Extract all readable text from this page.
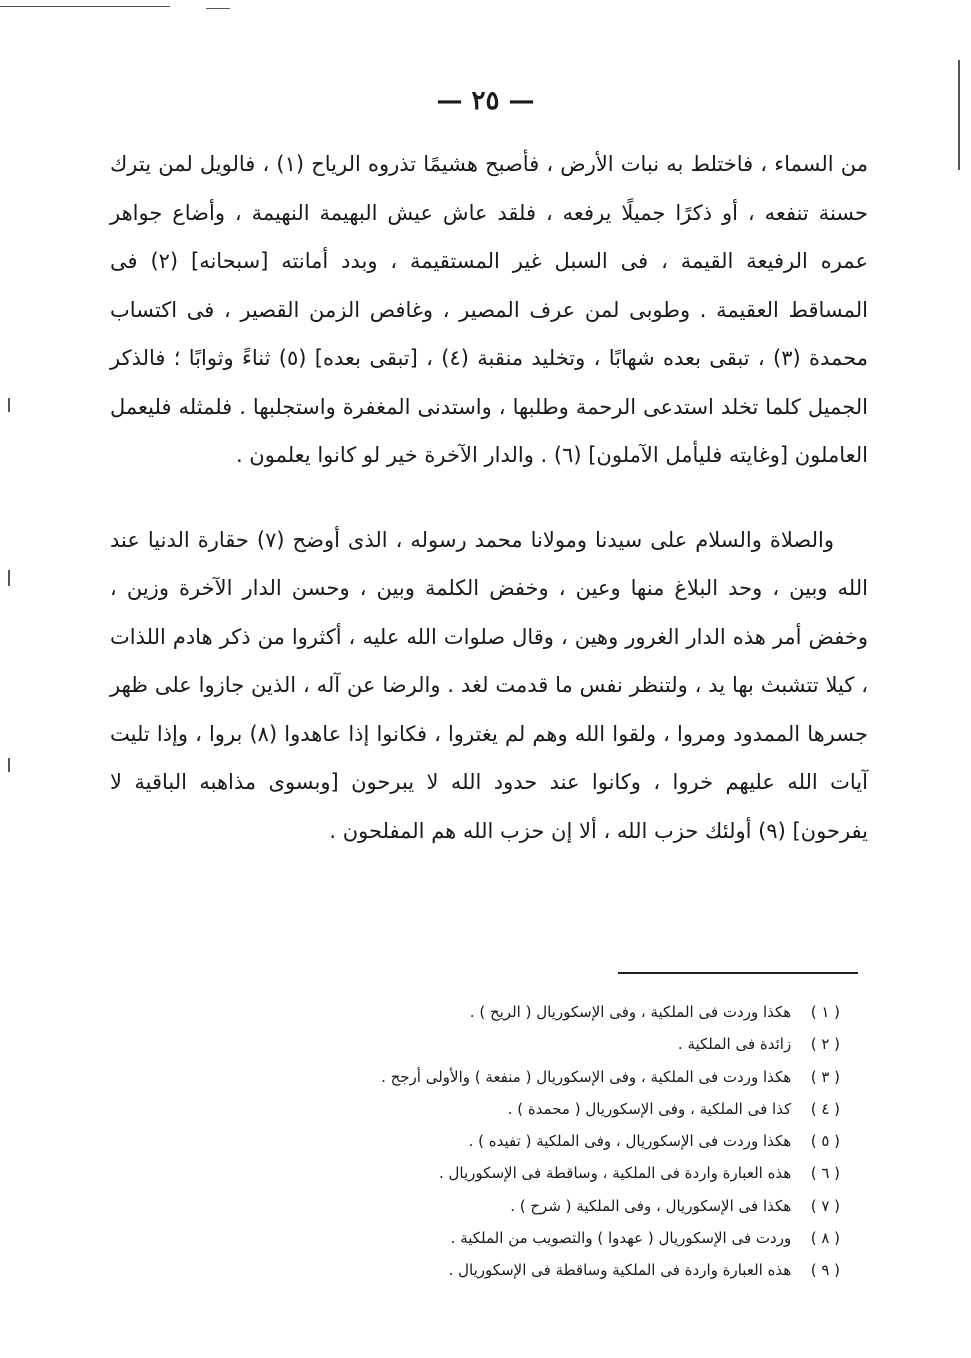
— ٢٥ —

من السماء ، فاختلط به نبات الأرض ، فأصبح هشيمًا تذروه الرياح (١) ، فالويل لمن يترك حسنة تنفعه ، أو ذكرًا جميلًا يرفعه ، فلقد عاش عيش البهيمة النهيمة ، وأضاع جواهر عمره الرفيعة القيمة ، فى السبل غير المستقيمة ، وبدد أمانته [سبحانه] (٢) فى المساقط العقيمة . وطوبى لمن عرف المصير ، وغافص الزمن القصير ، فى اكتساب محمدة (٣) ، تبقى بعده شهابًا ، وتخليد منقبة (٤) ، [تبقى بعده] (٥) ثناءً وثوابًا ؛ فالذكر الجميل كلما تخلد استدعى الرحمة وطلبها ، واستدنى المغفرة واستجلبها . فلمثله فليعمل العاملون [وغايته فليأمل الآملون] (٦) . والدار الآخرة خير لو كانوا يعلمون .

والصلاة والسلام على سيدنا ومولانا محمد رسوله ، الذى أوضح (٧) حقارة الدنيا عند الله وبين ، وحد البلاغ منها وعين ، وخفض الكلمة وبين ، وحسن الدار الآخرة وزين ، وخفض أمر هذه الدار الغرور وهين ، وقال صلوات الله عليه ، أكثروا من ذكر هادم اللذات ، كيلا تتشبث بها يد ، ولتنظر نفس ما قدمت لغد . والرضا عن آله ، الذين جازوا على ظهر جسرها الممدود ومروا ، ولقوا الله وهم لم يغتروا ، فكانوا إذا عاهدوا (٨) بروا ، وإذا تليت آيات الله عليهم خروا ، وكانوا عند حدود الله لا يبرحون [وبسوى مذاهبه الباقية لا يفرحون] (٩) أولئك حزب الله ، ألا إن حزب الله هم المفلحون .

( ١ ) هكذا وردت فى الملكية ، وفى الإسكوريال ( الريح ) .
( ٢ ) زائدة فى الملكية .
( ٣ ) هكذا وردت فى الملكية ، وفى الإسكوريال ( منفعة ) والأولى أرجح .
( ٤ ) كذا فى الملكية ، وفى الإسكوريال ( محمدة ) .
( ٥ ) هكذا وردت فى الإسكوريال ، وفى الملكية ( تفيده ) .
( ٦ ) هذه العبارة واردة فى الملكية ، وساقطة فى الإسكوريال .
( ٧ ) هكذا فى الإسكوريال ، وفى الملكية ( شرح ) .
( ٨ ) وردت فى الإسكوريال ( عهدوا ) والتصويب من الملكية .
( ٩ ) هذه العبارة واردة فى الملكية وساقطة فى الإسكوريال .
